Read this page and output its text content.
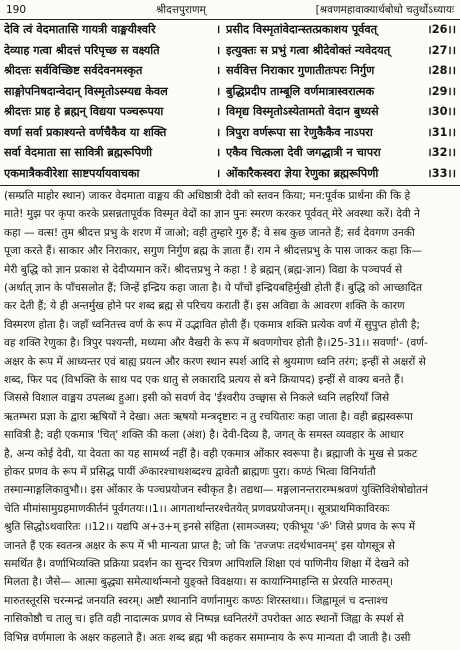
190	श्रीदत्तपुराणम्	[श्रवणमहावाक्यार्थबोधो चतुर्थोऽध्यायः
देवि त्वं वेदमातासि गायत्री वाङ्मयीश्वरि	। प्रसीद विस्मृतांवेदान्स्तत्प्रकाशय पूर्ववत्	।26।।
देव्याह गत्वा श्रीदत्तं परिपृच्छ स वक्ष्यति	। इत्युक्तः स प्रभुं गत्वा श्रीदेवोक्तं न्यवेदयत्	।27।।
श्रीदत्तः सर्वविच्छिष्ट सर्वदेवनमस्कृत	। सर्ववित्त निराकार गुणातीतःपरः निर्गुण	।28।।
साङ्गोपनिषदान्वेदान् विस्मृतोऽस्म्यद्य केवल	। बुद्धिप्रदीप ताम्बूलि वर्णमात्रास्वरात्मक	।29।।
श्रीदत्तः प्राह हे ब्रह्मन् विद्यया पञ्चरूपया	। विमृद्य विस्मृतोऽस्येतामतो वेदान बुध्यसे	।30।।
वर्णा सर्वा प्रकाश्यन्ते वर्णचैकैव या शक्ति	। त्रिपुरा वर्णरूपा सा रेणुकैकैव नाऽपरा	।31।।
सर्वा वेदमाता सा सावित्री ब्रह्मरूपिणी	। एकैव चित्कला देवी जगद्धात्री न चापरा	।32।।
एकमात्रैकवीरेशा साष्टपर्यायवाचका	। ओंकारैकस्वरा ज्ञेया रेणुका ब्रह्मरूपिणी	।33।।
(सम्प्रति माहोर स्थान) जाकर वेदमाता वाङ्मय की अधिष्ठात्री देवी को स्तवन किया; मन:पूर्वक प्रार्थना की कि हे
माते! मुझ पर कृपा करके प्रसन्नतापूर्वक विस्मृत वेदों का ज्ञान पुनः स्मरण करकर पूर्ववत् मेरे अवस्था करें। देवी ने
कहा — वत्स! तुम श्रीदत्त प्रभु के शरण में जाओ; वही तुम्हारे गुरु हैं; वे सब कुछ जानते हैं; सर्व देवगण उनकी
पूजा करते हैं। साकार और निराकार, सगुण निर्गुण ब्रह्म के ज्ञाता हैं। राम ने श्रीदत्तप्रभु के पास जाकर कहा कि—
मेरी बुद्धि को ज्ञान प्रकाश से देदीप्यमान करें। श्रीदत्तप्रभु ने कहा ! हे ब्रह्मन् (ब्रह्म-ज्ञान) विद्या के पञ्चपर्व से
(अर्थात् ज्ञान के पाँचसलोत हैं; जिन्हें इन्द्रिय कहा जाता है। ये पाँचों इन्द्रियबहिर्मुखी होती हैं। बुद्धि को आच्छादित
कर देती हैं; ये ही अन्तर्मुख होने पर शब्द ब्रह्म से परिचय कराती हैं। इस अविद्या के आवरण शक्ति के कारण
विस्मरण होता है। जहाँ ध्वनितत्त्व वर्ण के रूप में उद्भावित होती हैं। एकमात्र शक्ति प्रत्येक वर्ण में सुपुप्त होती है;
वह शक्ति रेणुका है। त्रिपुर पश्यन्ती, मध्यमा और वैखरी के रूप में श्रवणगोचर होती है।।25-31।। सवर्णा'- (वर्ण-
अक्षर के रूप में आध्यन्तर एवं बाह्य प्रयत्न और करण स्थान स्पर्श आदि से श्रुयमाण ध्वनि तरंग; इन्हीं से अक्षरों से
शब्द, फिर पद (विभक्ति के साथ पद एक धातु से लकारादि प्रत्यय से बने क्रियापद) इन्हीं से वाक्य बनते हैं।
जिससे विशाल वाङ्मय उपलब्ध हुआ। इसी को सवर्ण वेद 'ईश्वरीय उच्छ्वास से निकले ध्वनि लहरियाँ जिसे
ऋतम्भरा प्रज्ञा के द्वारा ऋषियों ने देखा। अतः ऋषयो मन्त्रदृष्टारः न तु रचयितारः कहा जाता है। वही ब्रह्मस्वरूपा
सावित्री है; वही एकमात्र 'चित्' शक्ति की कला (अंश) है। देवी-दिव्य है, जगत् के समस्त व्यवहार के आधार
है, अन्य कोई देवी, या देवता का यह सामर्थ्य नहीं है। वही एकमात्र ओंकार स्वरूपा है। ब्रह्माजी के मुख से प्रकट
होकर प्रणव के रूप में प्रसिद्ध पायीं ॐकारश्चाथशब्दश्च द्वावेतौ ब्राह्मणः पुरा। कण्ठं भित्वा विनिर्यातौ
तस्मान्माङ्गलिकावुभौ।। इस ओंकार के पञ्चप्रयोजन स्वीकृत है। तद्यथा— मङ्गलानन्तरारम्भश्रवणं युक्तिविशेषोद्योतनं
चेति मीमांसामुग्रहमाणकीर्तनं पूर्वगतयः।।1।। आगतार्थान्तरश्चेतयेत् प्रणवप्रयोजनम्।। सूत्रप्राथमिकाविरकः
श्रुति सिद्धोऽथवारितः ।।12।। यद्यपि अ+उ+म् इनसे संहिता (सामञ्जस्य; एकीभूय 'ॐ' जिसे प्रणव के रूप में
जानते हैं एक स्वतन्त्र अक्षर के रूप में भी मान्यता प्राप्त है; जो कि 'तज्जपः तदर्थभावनम्' इस योगसूत्र से
समर्थित है। वर्णाभिव्यक्ति प्रक्रिया प्रदर्शन का सुन्दर चित्रण आपिशलि शिक्षा एवं पाणिनीय शिक्षा में देखने को
मिलता है। जैसे— आत्मा बुद्ध्या समेत्यार्थान्मनो युङ्क्ते विवक्षया। स कायाग्निमाहन्ति स प्रेरयति मारुतम्।
मारुतस्तूरसि चरन्मन्द्रं जनयति स्वरम्। अष्टौ स्थानानि वर्णानामुरः कण्ठः शिरस्तथा।। जिह्वामूलं च दन्ताश्च
नासिकोष्ठौ च तालु च। इति वही नादात्मक प्रणव से निष्पन्न ध्वनितरंगें उपरोक्त आठ स्थानों जिह्वा के स्पर्श से
विभिन्न वर्णमाला के अक्षर कहलाते हैं। अतः शब्द ब्रह्म भी कहकर समाम्नाय के रूप मान्यता दी जाती है। उसी
